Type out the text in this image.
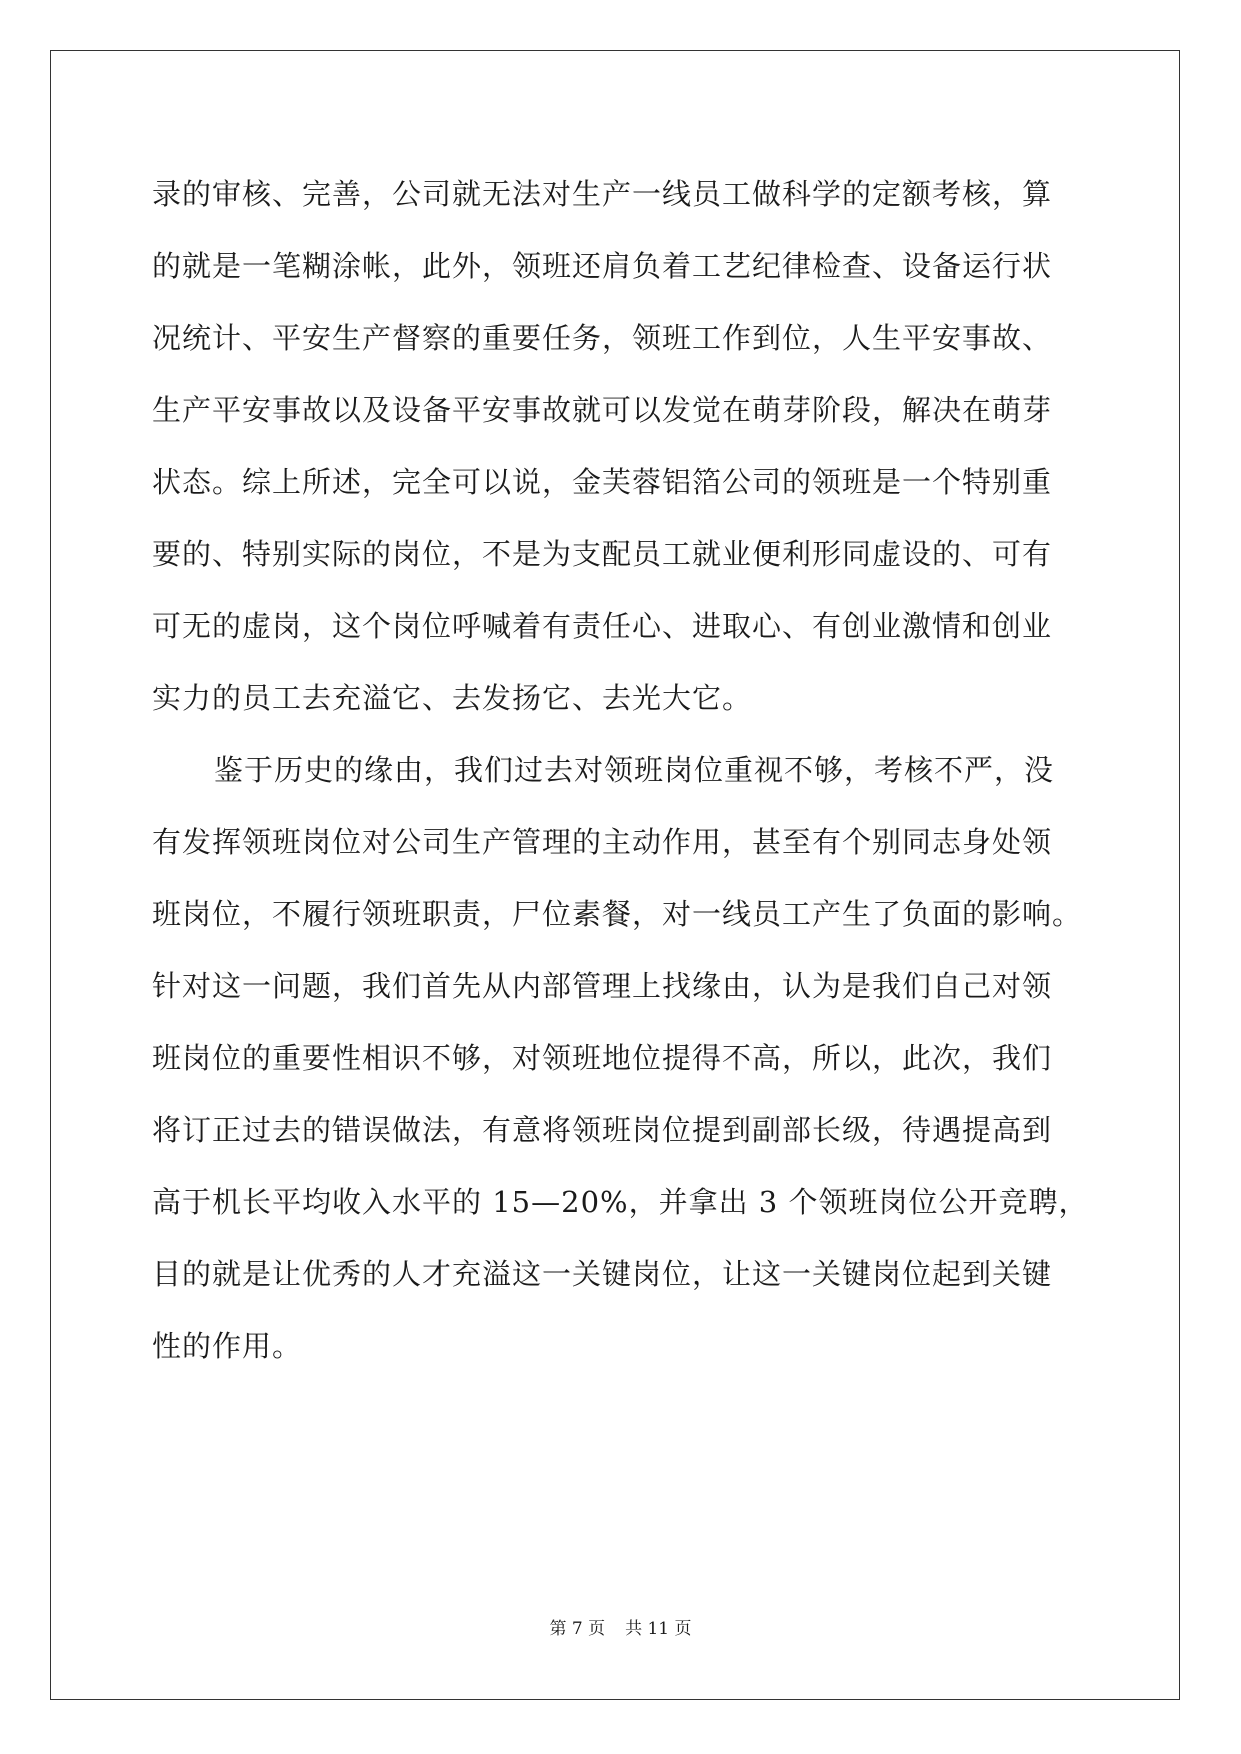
录的审核、完善，公司就无法对生产一线员工做科学的定额考核，算
的就是一笔糊涂帐，此外，领班还肩负着工艺纪律检查、设备运行状
况统计、平安生产督察的重要任务，领班工作到位，人生平安事故、
生产平安事故以及设备平安事故就可以发觉在萌芽阶段，解决在萌芽
状态。综上所述，完全可以说，金芙蓉铝箔公司的领班是一个特别重
要的、特别实际的岗位，不是为支配员工就业便利形同虚设的、可有
可无的虚岗，这个岗位呼喊着有责任心、进取心、有创业激情和创业
实力的员工去充溢它、去发扬它、去光大它。
鉴于历史的缘由，我们过去对领班岗位重视不够，考核不严，没
有发挥领班岗位对公司生产管理的主动作用，甚至有个别同志身处领
班岗位，不履行领班职责，尸位素餐，对一线员工产生了负面的影响。
针对这一问题，我们首先从内部管理上找缘由，认为是我们自己对领
班岗位的重要性相识不够，对领班地位提得不高，所以，此次，我们
将订正过去的错误做法，有意将领班岗位提到副部长级，待遇提高到
高于机长平均收入水平的 15—20%，并拿出 3 个领班岗位公开竞聘，
目的就是让优秀的人才充溢这一关键岗位，让这一关键岗位起到关键
性的作用。
第 7 页 共 11 页
